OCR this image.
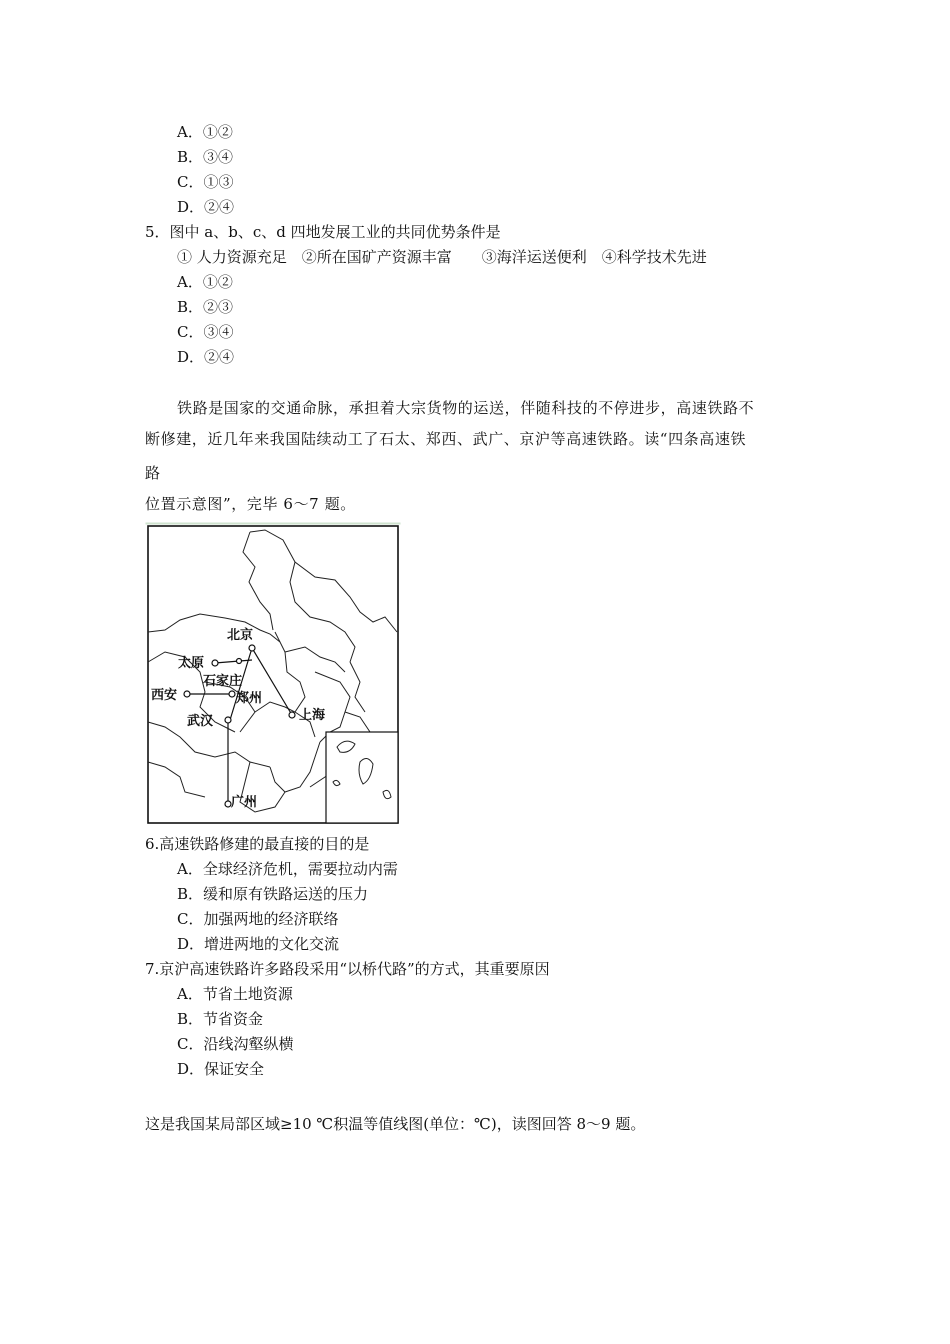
A．①②
B．③④
C．①③
D．②④
5．图中 a、b、c、d 四地发展工业的共同优势条件是
① 人力资源充足　②所在国矿产资源丰富　　③海洋运送便利　④科学技术先进
A．①②
B．②③
C．③④
D．②④
铁路是国家的交通命脉，承担着大宗货物的运送，伴随科技的不停进步，高速铁路不
断修建，近几年来我国陆续动工了石太、郑西、武广、京沪等高速铁路。读“四条高速铁
路
位置示意图”，完毕 6～7 题。
北京
太原
石家庄
西安	郑州
武汉	上海
广州
6.高速铁路修建的最直接的目的是
A．全球经济危机，需要拉动内需
B．缓和原有铁路运送的压力
C．加强两地的经济联络
D．增进两地的文化交流
7.京沪高速铁路许多路段采用“以桥代路”的方式，其重要原因
A．节省土地资源
B．节省资金
C．沿线沟壑纵横
D．保证安全
这是我国某局部区域≥10 ℃积温等值线图(单位：℃)，读图回答 8～9 题。
